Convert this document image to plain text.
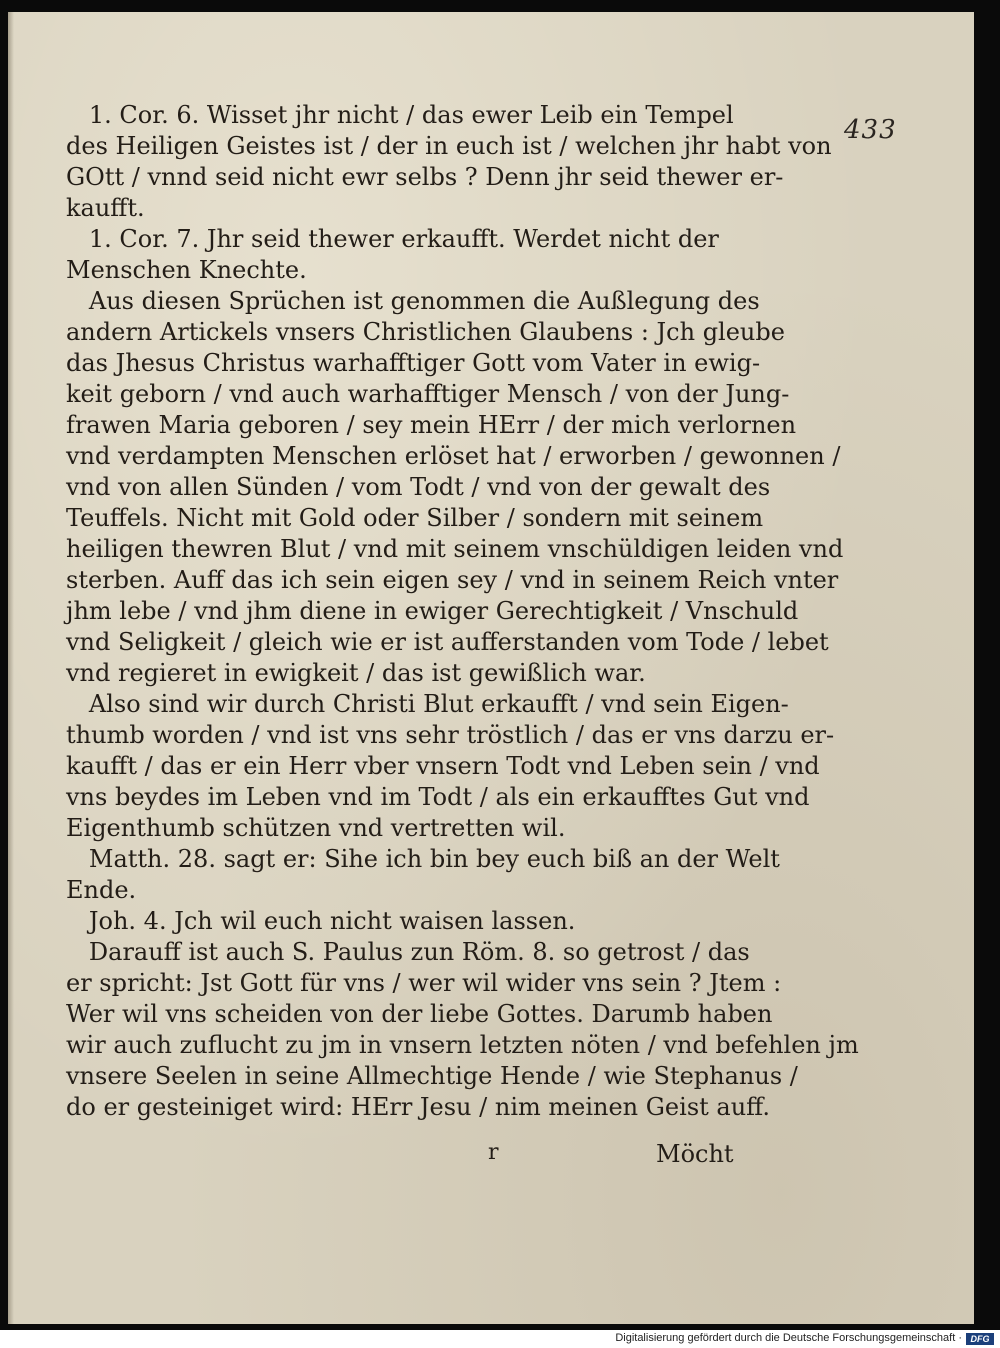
433
1. Cor. 6. Wisset jhr nicht / das ewer Leib ein Tempel
des Heiligen Geistes ist / der in euch ist / welchen jhr habt von
GOtt / vnnd seid nicht ewr selbs ? Denn jhr seid thewer er-
kaufft.
1. Cor. 7. Jhr seid thewer erkaufft. Werdet nicht der
Menschen Knechte.
Aus diesen Sprüchen ist genommen die Außlegung des
andern Artickels vnsers Christlichen Glaubens : Jch gleube
das Jhesus Christus warhafftiger Gott vom Vater in ewig-
keit geborn / vnd auch warhafftiger Mensch / von der Jung-
frawen Maria geboren / sey mein HErr / der mich verlornen
vnd verdampten Menschen erlöset hat / erworben / gewonnen /
vnd von allen Sünden / vom Todt / vnd von der gewalt des
Teuffels. Nicht mit Gold oder Silber / sondern mit seinem
heiligen thewren Blut / vnd mit seinem vnschüldigen leiden vnd
sterben. Auff das ich sein eigen sey / vnd in seinem Reich vnter
jhm lebe / vnd jhm diene in ewiger Gerechtigkeit / Vnschuld
vnd Seligkeit / gleich wie er ist aufferstanden vom Tode / lebet
vnd regieret in ewigkeit / das ist gewißlich war.
Also sind wir durch Christi Blut erkaufft / vnd sein Eigen-
thumb worden / vnd ist vns sehr tröstlich / das er vns darzu er-
kaufft / das er ein Herr vber vnsern Todt vnd Leben sein / vnd
vns beydes im Leben vnd im Todt / als ein erkaufftes Gut vnd
Eigenthumb schützen vnd vertretten wil.
Matth. 28. sagt er: Sihe ich bin bey euch biß an der Welt
Ende.
Joh. 4. Jch wil euch nicht waisen lassen.
Darauff ist auch S. Paulus zun Röm. 8. so getrost / das
er spricht: Jst Gott für vns / wer wil wider vns sein ? Jtem :
Wer wil vns scheiden von der liebe Gottes. Darumb haben
wir auch zuflucht zu jm in vnsern letzten nöten / vnd befehlen jm
vnsere Seelen in seine Allmechtige Hende / wie Stephanus /
do er gesteiniget wird: HErr Jesu / nim meinen Geist auff.
r	Möcht
Digitalisierung gefördert durch die Deutsche Forschungsgemeinschaft · DFG
